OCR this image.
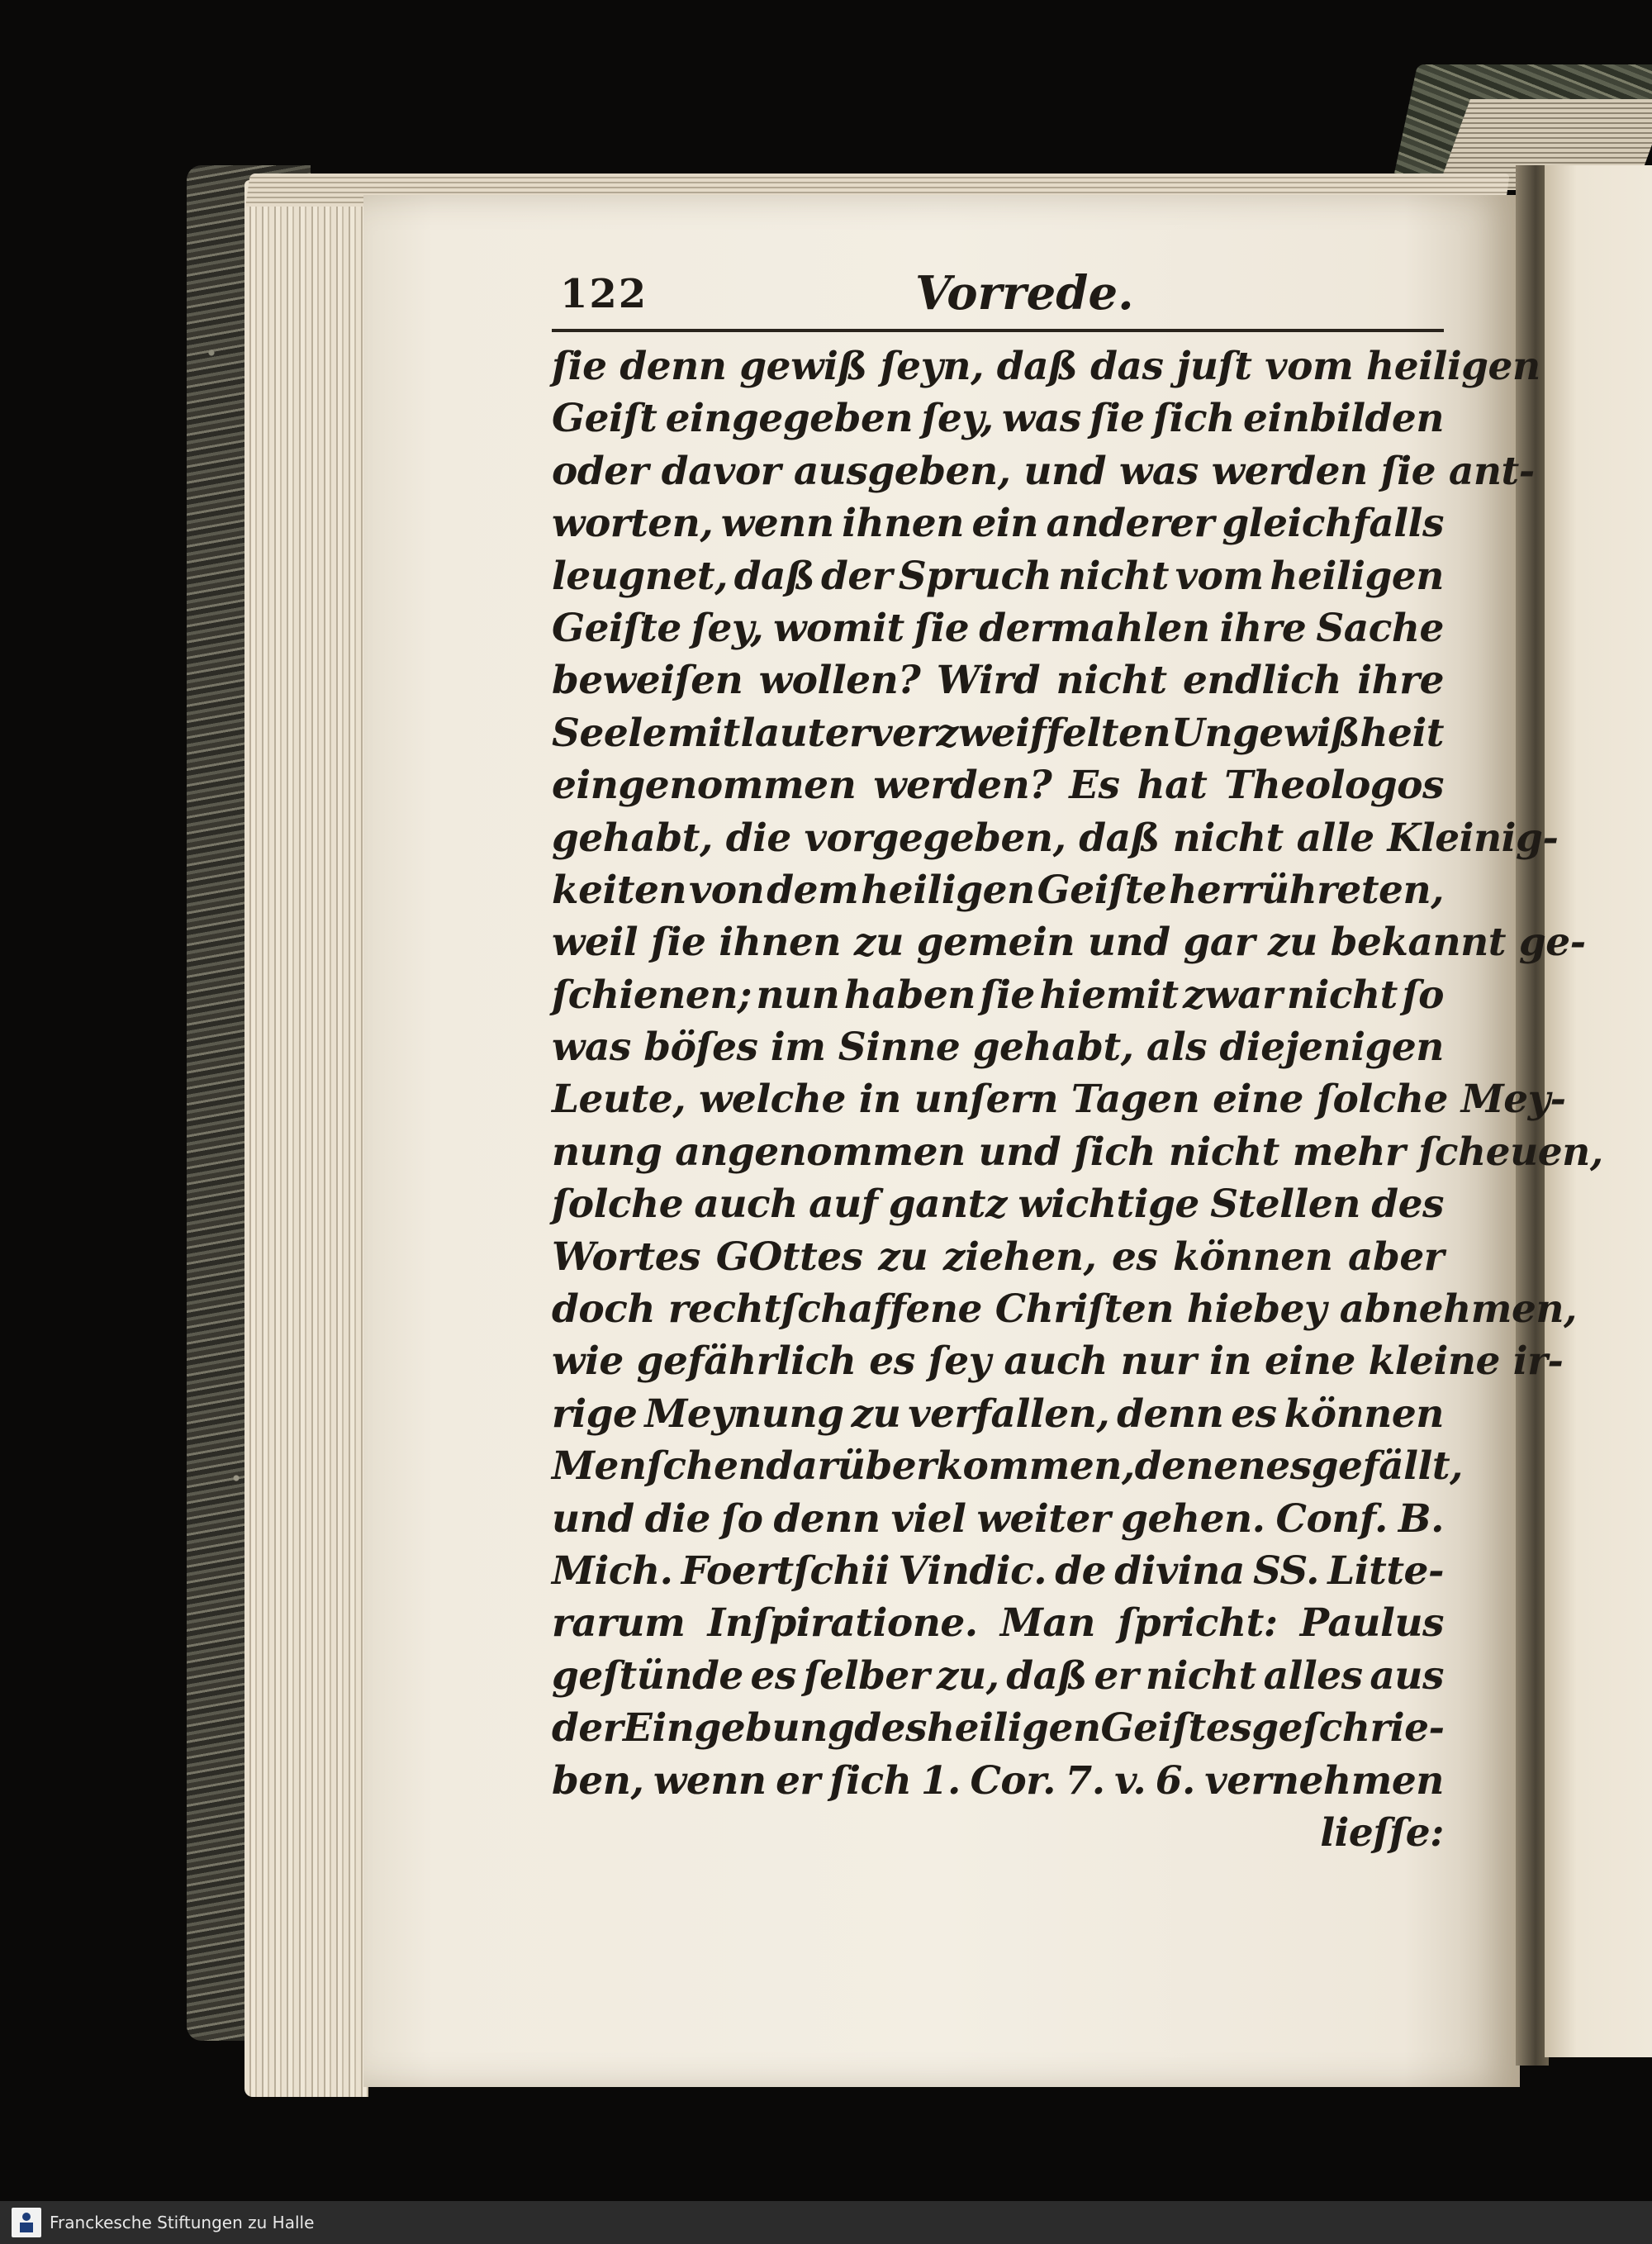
122	Vorrede.
ſie denn gewiß ſeyn, daß das juſt vom heiligen
Geiſt eingegeben ſey, was ſie ſich einbilden
oder davor ausgeben, und was werden ſie ant-
worten, wenn ihnen ein anderer gleichfalls
leugnet, daß der Spruch nicht vom heiligen
Geiſte ſey, womit ſie dermahlen ihre Sache
beweiſen wollen? Wird nicht endlich ihre
Seele mit lauter verzweiffelten Ungewißheit
eingenommen werden? Es hat Theologos
gehabt, die vorgegeben, daß nicht alle Kleinig-
keiten von dem heiligen Geiſte herrühreten,
weil ſie ihnen zu gemein und gar zu bekannt ge-
ſchienen; nun haben ſie hiemit zwar nicht ſo
was böſes im Sinne gehabt, als diejenigen
Leute, welche in unſern Tagen eine ſolche Mey-
nung angenommen und ſich nicht mehr ſcheuen,
ſolche auch auf gantz wichtige Stellen des
Wortes GOttes zu ziehen, es können aber
doch rechtſchaffene Chriſten hiebey abnehmen,
wie gefährlich es ſey auch nur in eine kleine ir-
rige Meynung zu verfallen, denn es können
Menſchen darüber kommen, denen es gefällt,
und die ſo denn viel weiter gehen. Conf. B.
Mich. Foertſchii Vindic. de divina SS. Litte-
rarum Inſpiratione. Man ſpricht: Paulus
geſtünde es ſelber zu, daß er nicht alles aus
der Eingebung des heiligen Geiſtes geſchrie-
ben, wenn er ſich 1. Cor. 7. v. 6. vernehmen
lieſſe:
Franckesche Stiftungen zu Halle
